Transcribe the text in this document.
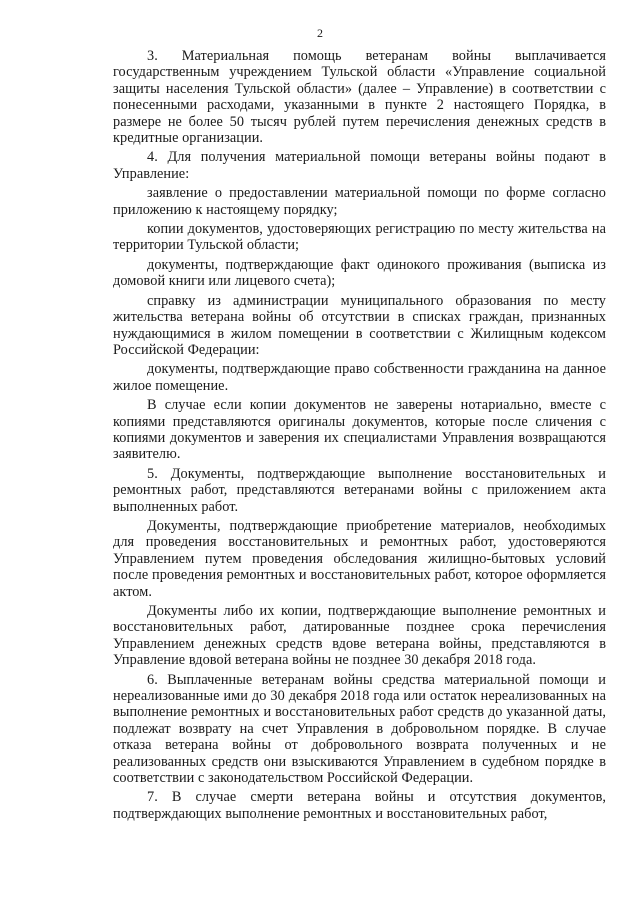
2

3. Материальная помощь ветеранам войны выплачивается государственным учреждением Тульской области «Управление социальной защиты населения Тульской области» (далее – Управление) в соответствии с понесенными расходами, указанными в пункте 2 настоящего Порядка, в размере не более 50 тысяч рублей путем перечисления денежных средств в кредитные организации.

4. Для получения материальной помощи ветераны войны подают в Управление:

заявление о предоставлении материальной помощи по форме согласно приложению к настоящему порядку;

копии документов, удостоверяющих регистрацию по месту жительства на территории Тульской области;

документы, подтверждающие факт одинокого проживания (выписка из домовой книги или лицевого счета);

справку из администрации муниципального образования по месту жительства ветерана войны об отсутствии в списках граждан, признанных нуждающимися в жилом помещении в соответствии с Жилищным кодексом Российской Федерации:

документы, подтверждающие право собственности гражданина на данное жилое помещение.

В случае если копии документов не заверены нотариально, вместе с копиями представляются оригиналы документов, которые после сличения с копиями документов и заверения их специалистами Управления возвращаются заявителю.

5. Документы, подтверждающие выполнение восстановительных и ремонтных работ, представляются ветеранами войны с приложением акта выполненных работ.

Документы, подтверждающие приобретение материалов, необходимых для проведения восстановительных и ремонтных работ, удостоверяются Управлением путем проведения обследования жилищно-бытовых условий после проведения ремонтных и восстановительных работ, которое оформляется актом.

Документы либо их копии, подтверждающие выполнение ремонтных и восстановительных работ, датированные позднее срока перечисления Управлением денежных средств вдове ветерана войны, представляются в Управление вдовой ветерана войны не позднее 30 декабря 2018 года.

6. Выплаченные ветеранам войны средства материальной помощи и нереализованные ими до 30 декабря 2018 года или остаток нереализованных на выполнение ремонтных и восстановительных работ средств до указанной даты, подлежат возврату на счет Управления в добровольном порядке. В случае отказа ветерана войны от добровольного возврата полученных и не реализованных средств они взыскиваются Управлением в судебном порядке в соответствии с законодательством Российской Федерации.

7. В случае смерти ветерана войны и отсутствия документов, подтверждающих выполнение ремонтных и восстановительных работ,
